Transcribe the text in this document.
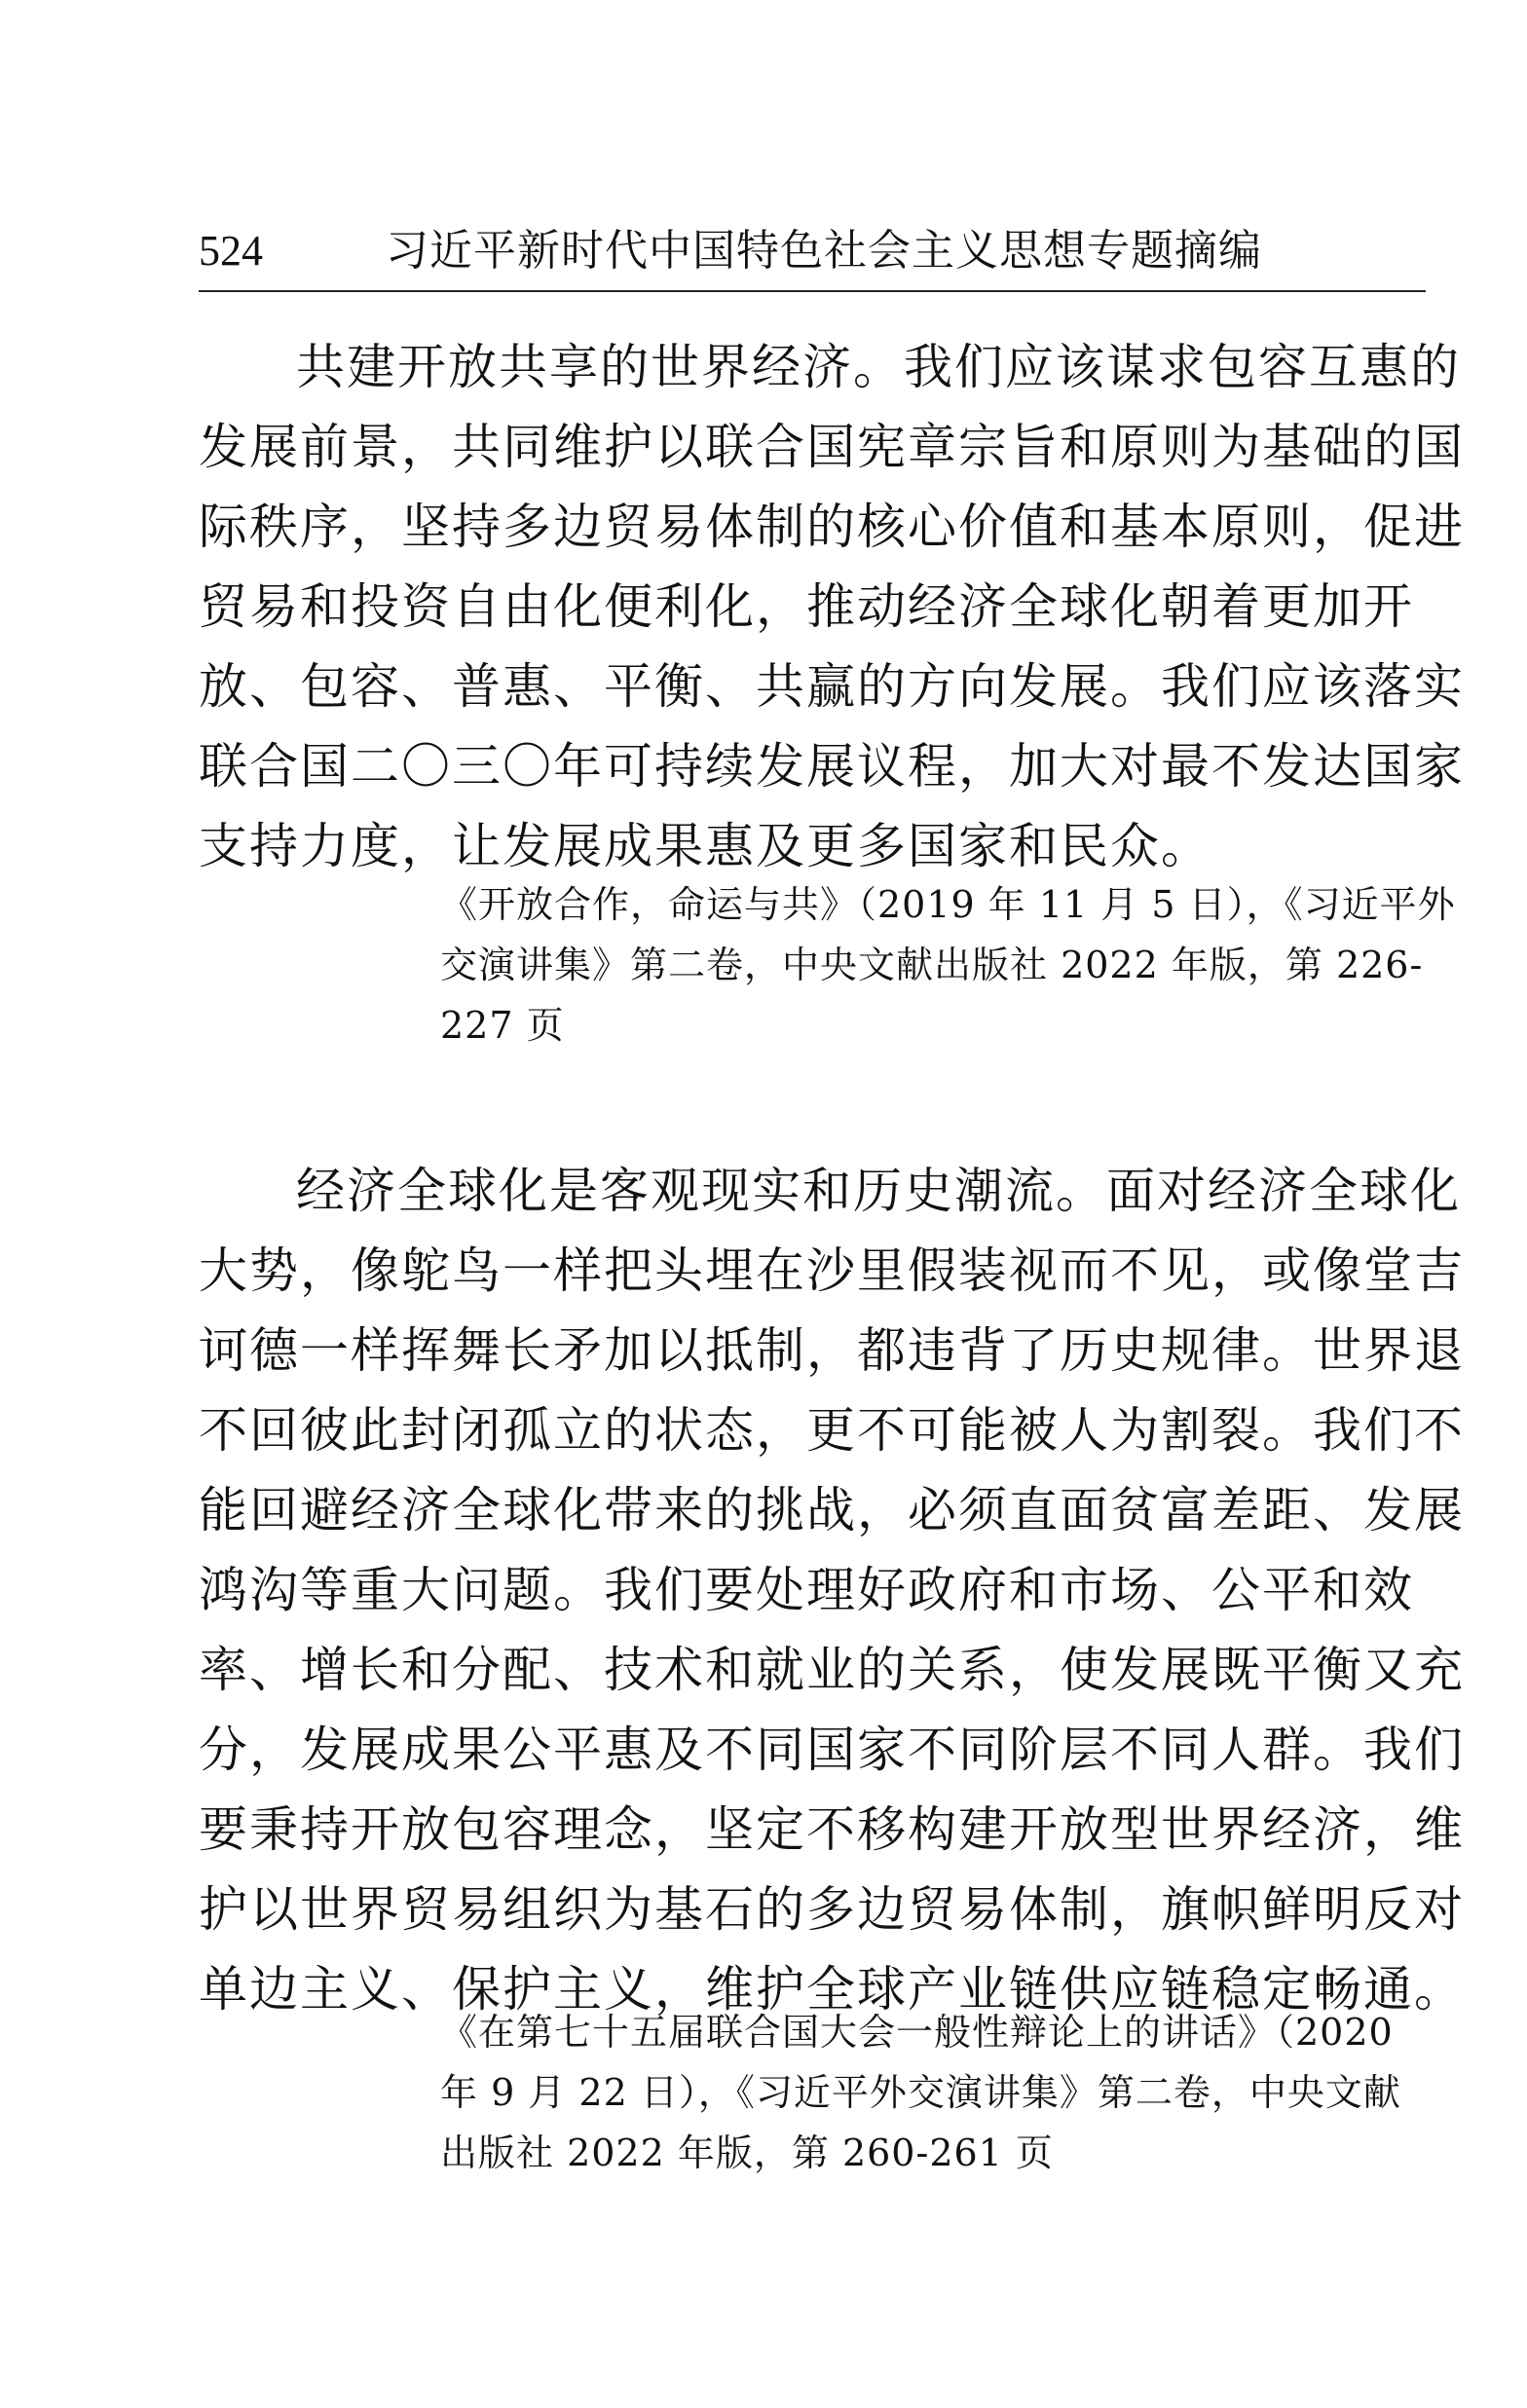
524	习近平新时代中国特色社会主义思想专题摘编

共建开放共享的世界经济。我们应该谋求包容互惠的
发展前景，共同维护以联合国宪章宗旨和原则为基础的国
际秩序，坚持多边贸易体制的核心价值和基本原则，促进
贸易和投资自由化便利化，推动经济全球化朝着更加开
放、包容、普惠、平衡、共赢的方向发展。我们应该落实
联合国二〇三〇年可持续发展议程，加大对最不发达国家
支持力度，让发展成果惠及更多国家和民众。

《开放合作，命运与共》（2019 年 11 月 5 日），《习近平外
交演讲集》第二卷，中央文献出版社 2022 年版，第 226-
227 页

经济全球化是客观现实和历史潮流。面对经济全球化
大势，像鸵鸟一样把头埋在沙里假装视而不见，或像堂吉
诃德一样挥舞长矛加以抵制，都违背了历史规律。世界退
不回彼此封闭孤立的状态，更不可能被人为割裂。我们不
能回避经济全球化带来的挑战，必须直面贫富差距、发展
鸿沟等重大问题。我们要处理好政府和市场、公平和效
率、增长和分配、技术和就业的关系，使发展既平衡又充
分，发展成果公平惠及不同国家不同阶层不同人群。我们
要秉持开放包容理念，坚定不移构建开放型世界经济，维
护以世界贸易组织为基石的多边贸易体制，旗帜鲜明反对
单边主义、保护主义，维护全球产业链供应链稳定畅通。

《在第七十五届联合国大会一般性辩论上的讲话》（2020
年 9 月 22 日），《习近平外交演讲集》第二卷，中央文献
出版社 2022 年版，第 260-261 页
